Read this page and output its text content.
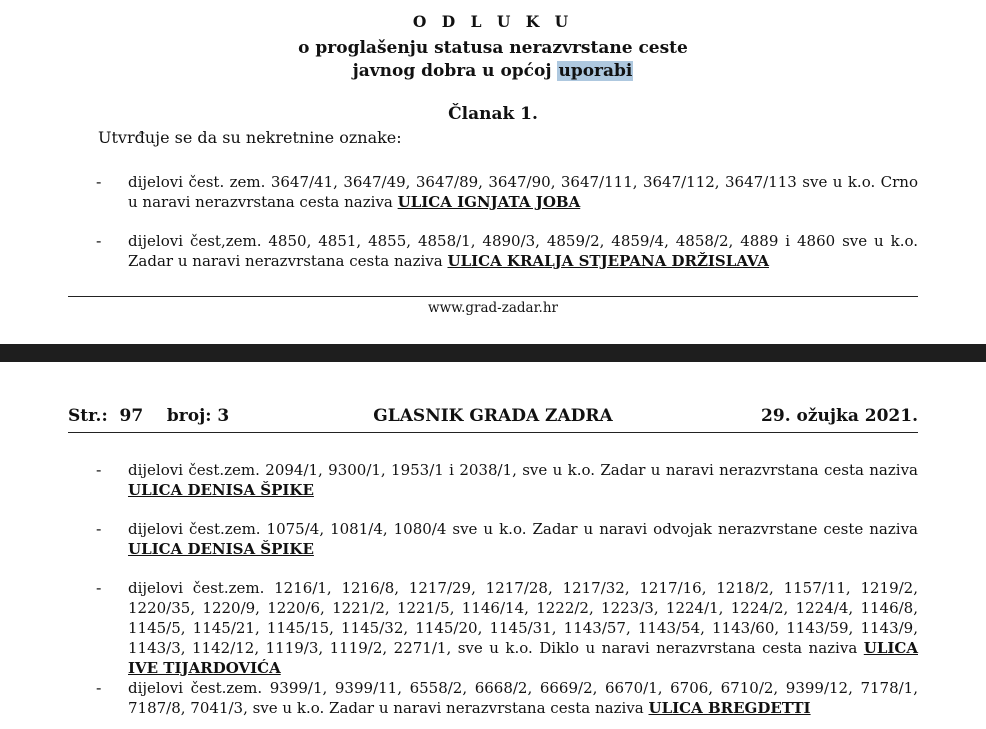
O D L U K U
o proglašenju statusa nerazvrstane ceste
javnog dobra u općoj uporabi
Članak 1.
Utvrđuje se da su nekretnine oznake:
- dijelovi čest. zem. 3647/41, 3647/49, 3647/89, 3647/90, 3647/111, 3647/112, 3647/113 sve u k.o. Crno u naravi nerazvrstana cesta naziva ULICA IGNJATA JOBA
- dijelovi čest,zem. 4850, 4851, 4855, 4858/1, 4890/3, 4859/2, 4859/4, 4858/2, 4889 i 4860 sve u k.o. Zadar u naravi nerazvrstana cesta naziva ULICA KRALJA STJEPANA DRŽISLAVA
www.grad-zadar.hr
Str.:  97    broj: 3	GLASNIK GRADA ZADRA	29. ožujka 2021.
- dijelovi čest.zem. 2094/1, 9300/1, 1953/1 i 2038/1, sve u k.o. Zadar u naravi nerazvrstana cesta naziva ULICA DENISA ŠPIKE
- dijelovi čest.zem. 1075/4, 1081/4, 1080/4 sve u k.o. Zadar u naravi odvojak nerazvrstane ceste naziva ULICA DENISA ŠPIKE
- dijelovi čest.zem. 1216/1, 1216/8, 1217/29, 1217/28, 1217/32, 1217/16, 1218/2, 1157/11, 1219/2, 1220/35, 1220/9, 1220/6, 1221/2, 1221/5, 1146/14, 1222/2, 1223/3, 1224/1, 1224/2, 1224/4, 1146/8, 1145/5, 1145/21, 1145/15, 1145/32, 1145/20, 1145/31, 1143/57, 1143/54, 1143/60, 1143/59, 1143/9, 1143/3, 1142/12, 1119/3, 1119/2, 2271/1, sve u k.o. Diklo u naravi nerazvrstana cesta naziva ULICA IVE TIJARDOVIĆA
- dijelovi čest.zem. 9399/1, 9399/11, 6558/2, 6668/2, 6669/2, 6670/1, 6706, 6710/2, 9399/12, 7178/1, 7187/8, 7041/3, sve u k.o. Zadar u naravi nerazvrstana cesta naziva ULICA BREGDETTI
